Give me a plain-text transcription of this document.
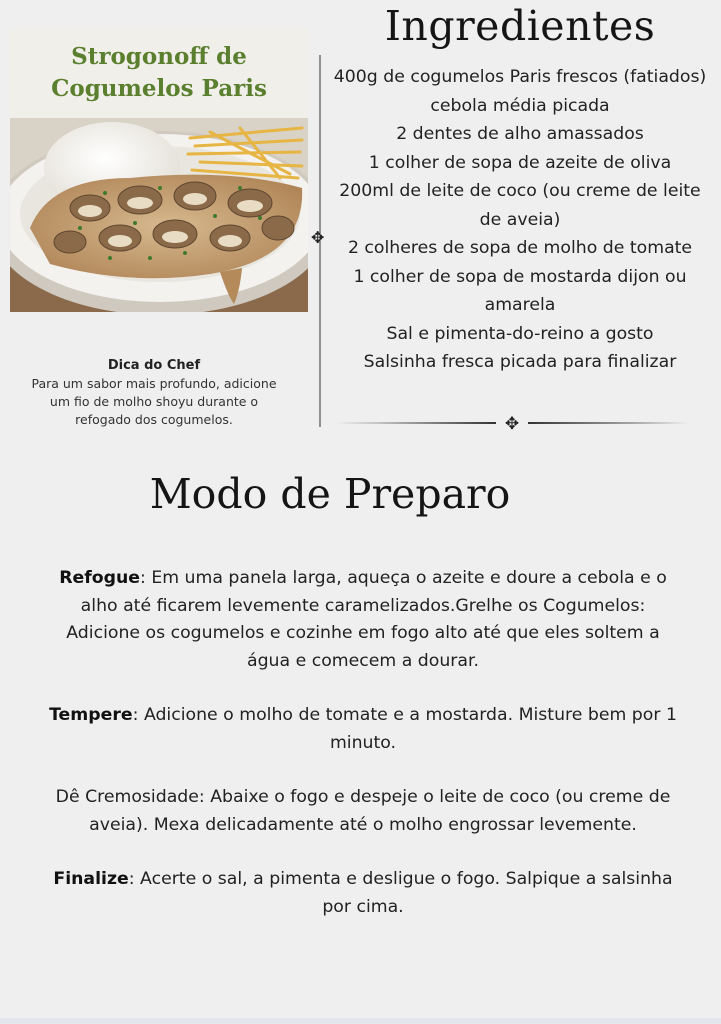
Strogonoff de
Cogumelos Paris
Dica do Chef
Para um sabor mais profundo, adicione um fio de molho shoyu durante o refogado dos cogumelos.
✥
✥
Ingredientes
400g de cogumelos Paris frescos (fatiados) cebola média picada
2 dentes de alho amassados
1 colher de sopa de azeite de oliva
200ml de leite de coco (ou creme de leite de aveia)
2 colheres de sopa de molho de tomate
1 colher de sopa de mostarda dijon ou amarela
Sal e pimenta-do-reino a gosto
Salsinha fresca picada para finalizar
Modo de Preparo
Refogue: Em uma panela larga, aqueça o azeite e doure a cebola e o alho até ficarem levemente caramelizados.Grelhe os Cogumelos: Adicione os cogumelos e cozinhe em fogo alto até que eles soltem a água e comecem a dourar.
Tempere: Adicione o molho de tomate e a mostarda. Misture bem por 1 minuto.
Dê Cremosidade: Abaixe o fogo e despeje o leite de coco (ou creme de aveia). Mexa delicadamente até o molho engrossar levemente.
Finalize: Acerte o sal, a pimenta e desligue o fogo. Salpique a salsinha por cima.
